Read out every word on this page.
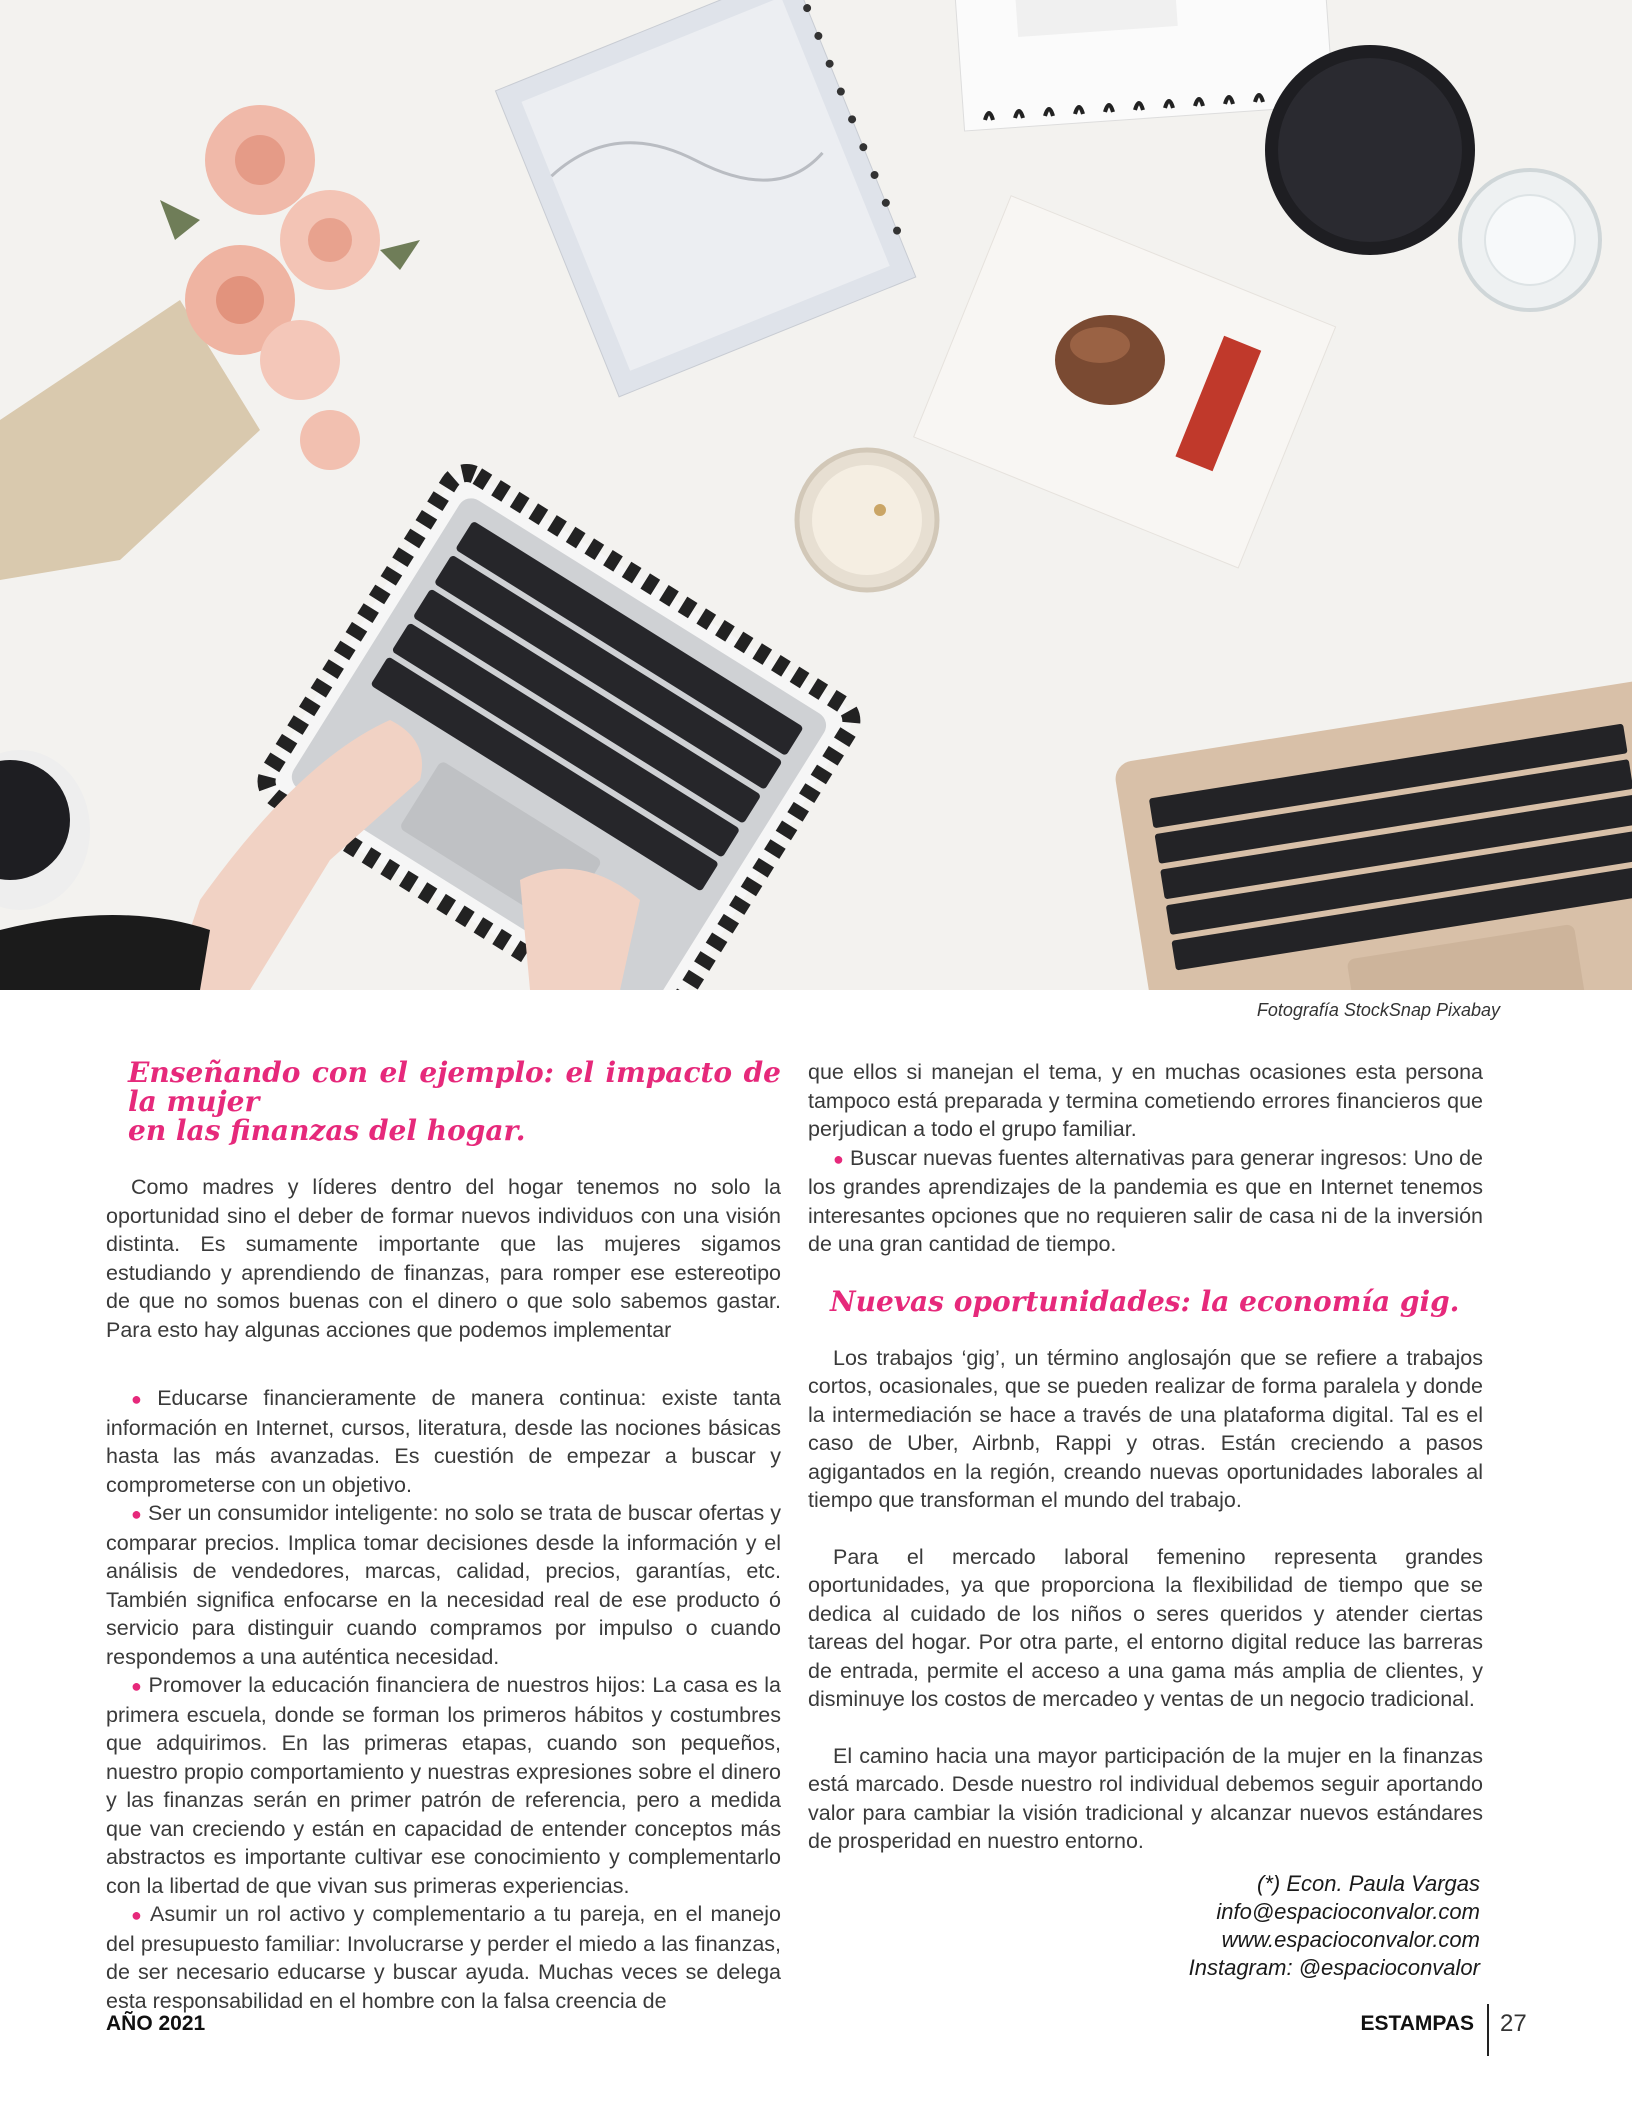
Fotografía StockSnap Pixabay

Enseñando con el ejemplo: el impacto de la mujer
en las finanzas del hogar.

Como madres y líderes dentro del hogar tenemos no solo la oportunidad sino el deber de formar nuevos individuos con una visión distinta. Es sumamente importante que las mujeres sigamos estudiando y aprendiendo de finanzas, para romper ese estereotipo de que no somos buenas con el dinero o que solo sabemos gastar. Para esto hay algunas acciones que podemos implementar

● Educarse financieramente de manera continua: existe tanta información en Internet, cursos, literatura, desde las nociones básicas hasta las más avanzadas. Es cuestión de empezar a buscar y comprometerse con un objetivo.

● Ser un consumidor inteligente: no solo se trata de buscar ofertas y comparar precios. Implica tomar decisiones desde la información y el análisis de vendedores, marcas, calidad, precios, garantías, etc. También significa enfocarse en la necesidad real de ese producto ó servicio para distinguir cuando compramos por impulso o cuando respondemos a una auténtica necesidad.

● Promover la educación financiera de nuestros hijos: La casa es la primera escuela, donde se forman los primeros hábitos y costumbres que adquirimos. En las primeras etapas, cuando son pequeños, nuestro propio comportamiento y nuestras expresiones sobre el dinero y las finanzas serán en primer patrón de referencia, pero a medida que van creciendo y están en capacidad de entender conceptos más abstractos es importante cultivar ese conocimiento y complementarlo con la libertad de que vivan sus primeras experiencias.

● Asumir un rol activo y complementario a tu pareja, en el manejo del presupuesto familiar: Involucrarse y perder el miedo a las finanzas, de ser necesario educarse y buscar ayuda. Muchas veces se delega esta responsabilidad en el hombre con la falsa creencia de

que ellos si manejan el tema, y en muchas ocasiones esta persona tampoco está preparada y termina cometiendo errores financieros que perjudican a todo el grupo familiar.

● Buscar nuevas fuentes alternativas para generar ingresos: Uno de los grandes aprendizajes de la pandemia es que en Internet tenemos interesantes opciones que no requieren salir de casa ni de la inversión de una gran cantidad de tiempo.

Nuevas oportunidades: la economía gig.

Los trabajos ‘gig’, un término anglosajón que se refiere a trabajos cortos, ocasionales, que se pueden realizar de forma paralela y donde la intermediación se hace a través de una plataforma digital. Tal es el caso de Uber, Airbnb, Rappi y otras. Están creciendo a pasos agigantados en la región, creando nuevas oportunidades laborales al tiempo que transforman el mundo del trabajo.

Para el mercado laboral femenino representa grandes oportunidades, ya que proporciona la flexibilidad de tiempo que se dedica al cuidado de los niños o seres queridos y atender ciertas tareas del hogar. Por otra parte, el entorno digital reduce las barreras de entrada, permite el acceso a una gama más amplia de clientes, y disminuye los costos de mercadeo y ventas de un negocio tradicional.

El camino hacia una mayor participación de la mujer en la finanzas está marcado. Desde nuestro rol individual debemos seguir aportando valor para cambiar la visión tradicional y alcanzar nuevos estándares de prosperidad en nuestro entorno.

(*) Econ. Paula Vargas
info@espacioconvalor.com
www.espacioconvalor.com
Instagram: @espacioconvalor
AÑO 2021	ESTAMPAS 27
